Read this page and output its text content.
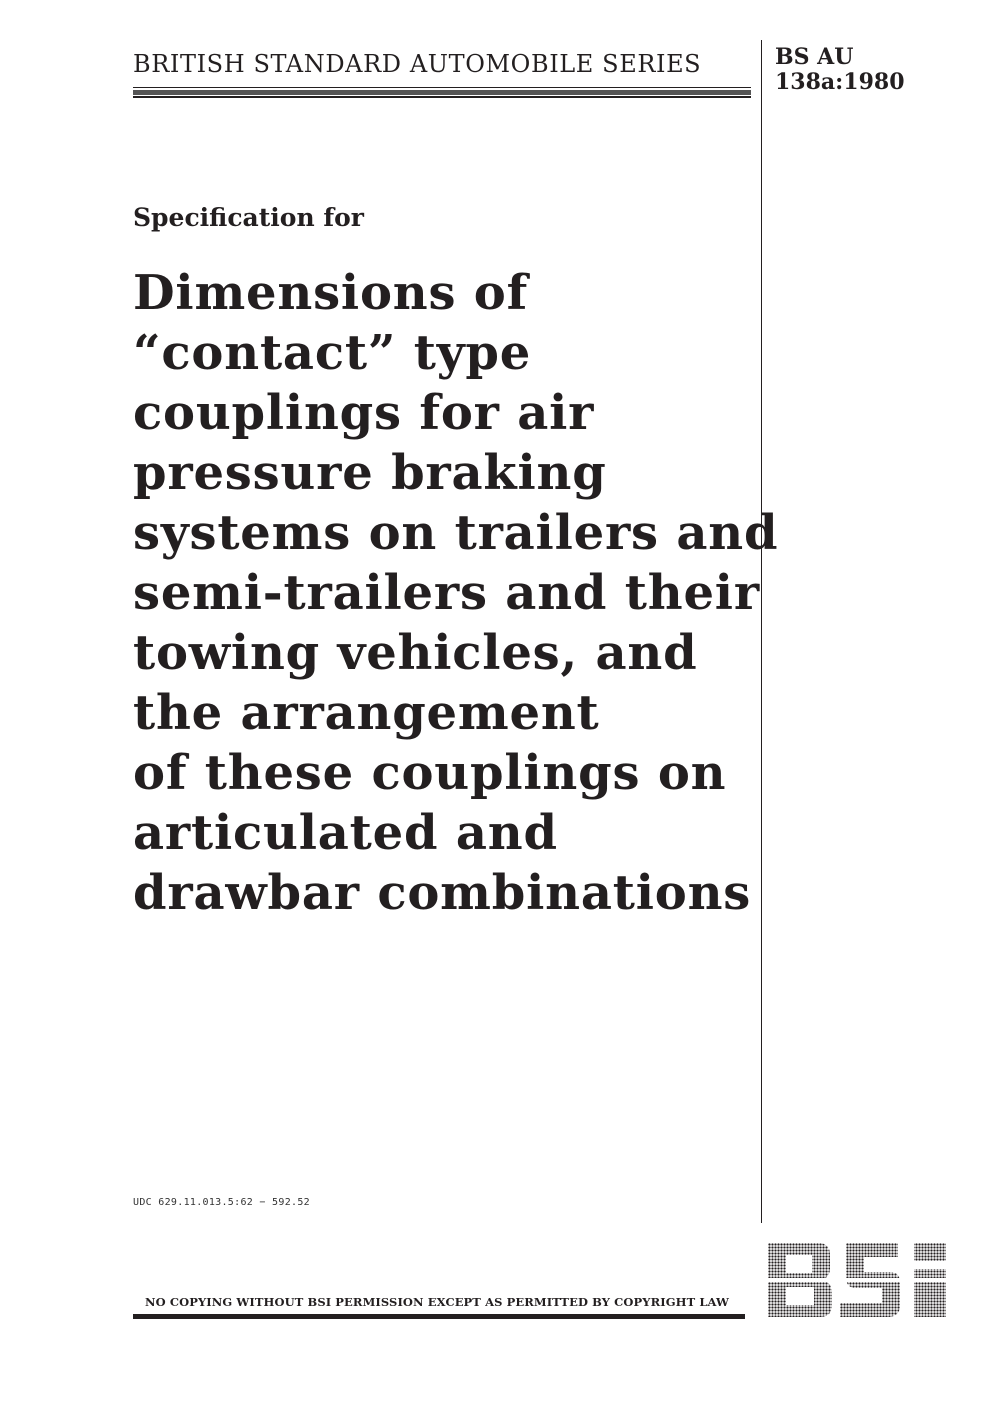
BRITISH STANDARD AUTOMOBILE SERIES	BS AU
138a:1980
Specification for
Dimensions of
“contact” type
couplings for air
pressure braking
systems on trailers and
semi-trailers and their
towing vehicles, and
the arrangement
of these couplings on
articulated and
drawbar combinations
UDC 629.11.013.5:62 − 592.52
NO COPYING WITHOUT BSI PERMISSION EXCEPT AS PERMITTED BY COPYRIGHT LAW
